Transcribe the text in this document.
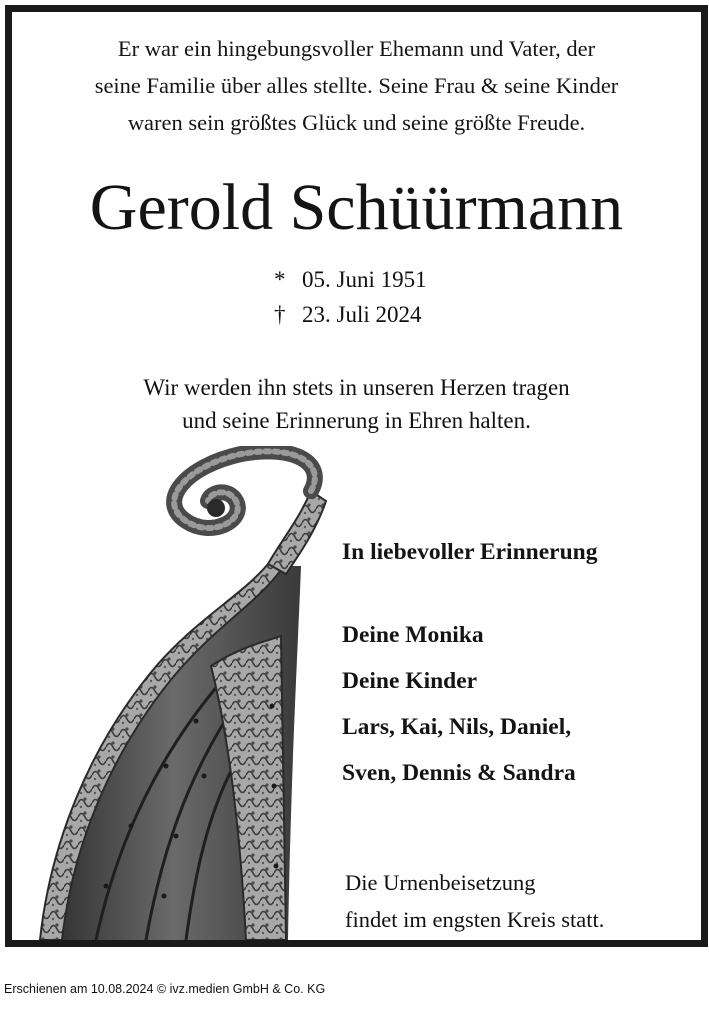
Er war ein hingebungsvoller Ehemann und Vater, der
seine Familie über alles stellte. Seine Frau & seine Kinder
waren sein größtes Glück und seine größte Freude.
Gerold Schüürmann
* 05. Juni 1951
† 23. Juli 2024
Wir werden ihn stets in unseren Herzen tragen
und seine Erinnerung in Ehren halten.
In liebevoller Erinnerung
Deine Monika
Deine Kinder
Lars, Kai, Nils, Daniel,
Sven, Dennis & Sandra
Die Urnenbeisetzung
findet im engsten Kreis statt.
Erschienen am 10.08.2024 © ivz.medien GmbH & Co. KG
